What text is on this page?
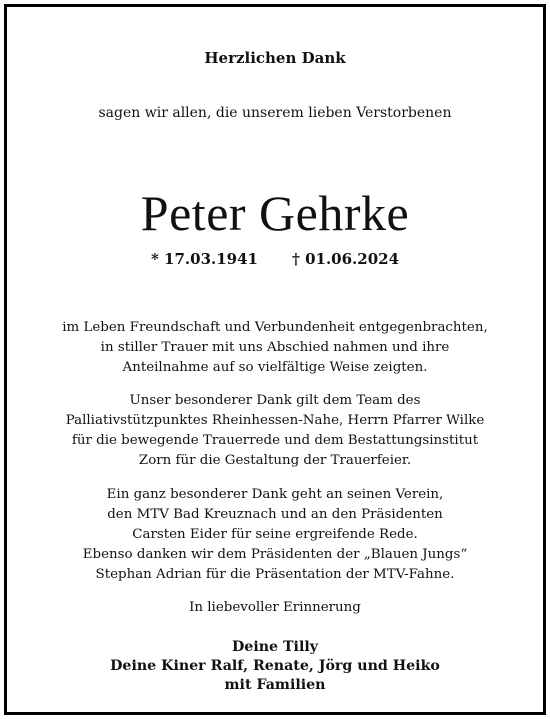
Herzlichen Dank
sagen wir allen, die unserem lieben Verstorbenen
Peter Gehrke
* 17.03.1941 † 01.06.2024
im Leben Freundschaft und Verbundenheit entgegenbrachten,
in stiller Trauer mit uns Abschied nahmen und ihre
Anteilnahme auf so vielfältige Weise zeigten.
Unser besonderer Dank gilt dem Team des
Palliativstützpunktes Rheinhessen-Nahe, Herrn Pfarrer Wilke
für die bewegende Trauerrede und dem Bestattungsinstitut
Zorn für die Gestaltung der Trauerfeier.
Ein ganz besonderer Dank geht an seinen Verein,
den MTV Bad Kreuznach und an den Präsidenten
Carsten Eider für seine ergreifende Rede.
Ebenso danken wir dem Präsidenten der „Blauen Jungs“
Stephan Adrian für die Präsentation der MTV-Fahne.
In liebevoller Erinnerung
Deine Tilly
Deine Kiner Ralf, Renate, Jörg und Heiko
mit Familien
